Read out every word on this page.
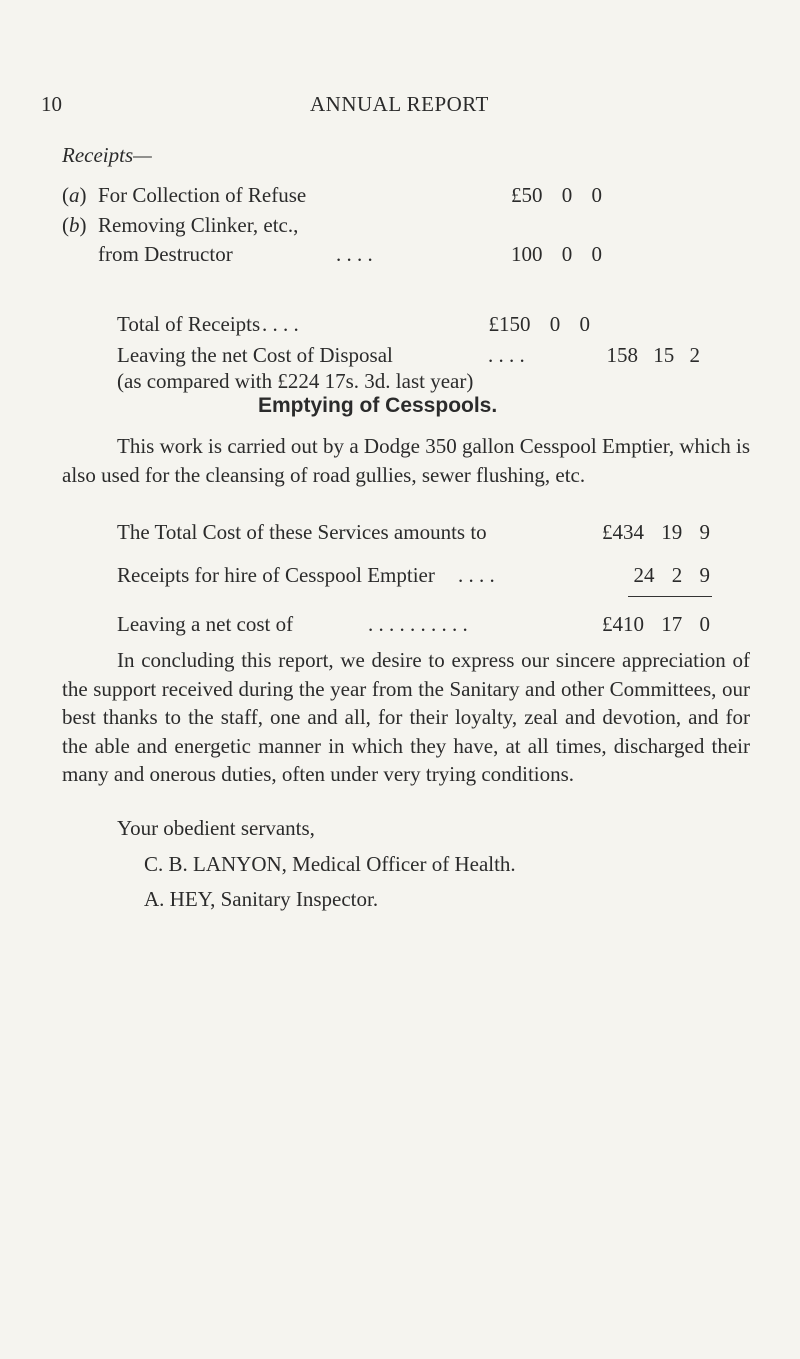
10	ANNUAL REPORT
Receipts—
(a) For Collection of Refuse	£50 0 0
(b) Removing Clinker, etc.,
from Destructor	. . . .	100 0 0
Total of Receipts . . . .	£150 0 0
Leaving the net Cost of Disposal	. . . .	158 15 2
(as compared with £224 17s. 3d. last year)
Emptying of Cesspools.
This work is carried out by a Dodge 350 gallon Cesspool Emptier, which is also used for the cleansing of road gullies, sewer flushing, etc.
The Total Cost of these Services amounts to	£434 19 9
Receipts for hire of Cesspool Emptier . . . .	24 2 9
Leaving a net cost of	. . . . . . . . . .	£410 17 0
In concluding this report, we desire to express our sincere appreciation of the support received during the year from the Sanitary and other Committees, our best thanks to the staff, one and all, for their loyalty, zeal and devotion, and for the able and energetic manner in which they have, at all times, discharged their many and onerous duties, often under very trying conditions.
Your obedient servants,
C. B. LANYON, Medical Officer of Health.
A. HEY, Sanitary Inspector.
